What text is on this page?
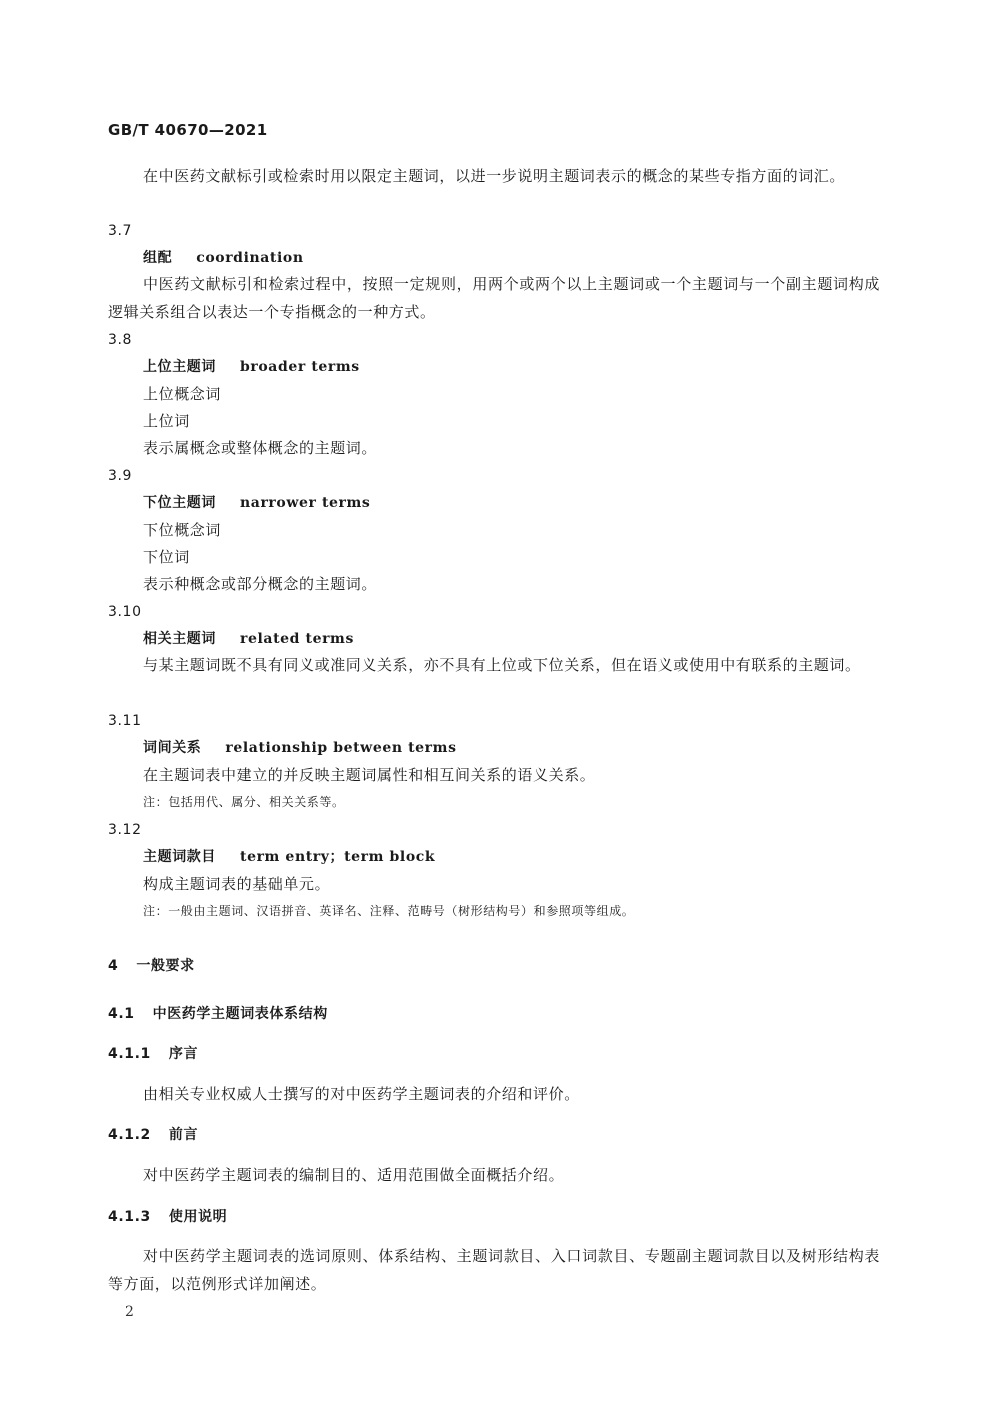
GB/T 40670—2021
在中医药文献标引或检索时用以限定主题词，以进一步说明主题词表示的概念的某些专指方面的词汇。
3.7
组配 coordination
中医药文献标引和检索过程中，按照一定规则，用两个或两个以上主题词或一个主题词与一个副主题词构成逻辑关系组合以表达一个专指概念的一种方式。
3.8
上位主题词 broader terms
上位概念词
上位词
表示属概念或整体概念的主题词。
3.9
下位主题词 narrower terms
下位概念词
下位词
表示种概念或部分概念的主题词。
3.10
相关主题词 related terms
与某主题词既不具有同义或准同义关系，亦不具有上位或下位关系，但在语义或使用中有联系的主题词。
3.11
词间关系 relationship between terms
在主题词表中建立的并反映主题词属性和相互间关系的语义关系。
注：包括用代、属分、相关关系等。
3.12
主题词款目 term entry；term block
构成主题词表的基础单元。
注：一般由主题词、汉语拼音、英译名、注释、范畴号（树形结构号）和参照项等组成。
4 一般要求
4.1 中医药学主题词表体系结构
4.1.1 序言
由相关专业权威人士撰写的对中医药学主题词表的介绍和评价。
4.1.2 前言
对中医药学主题词表的编制目的、适用范围做全面概括介绍。
4.1.3 使用说明
对中医药学主题词表的选词原则、体系结构、主题词款目、入口词款目、专题副主题词款目以及树形结构表等方面，以范例形式详加阐述。
2
